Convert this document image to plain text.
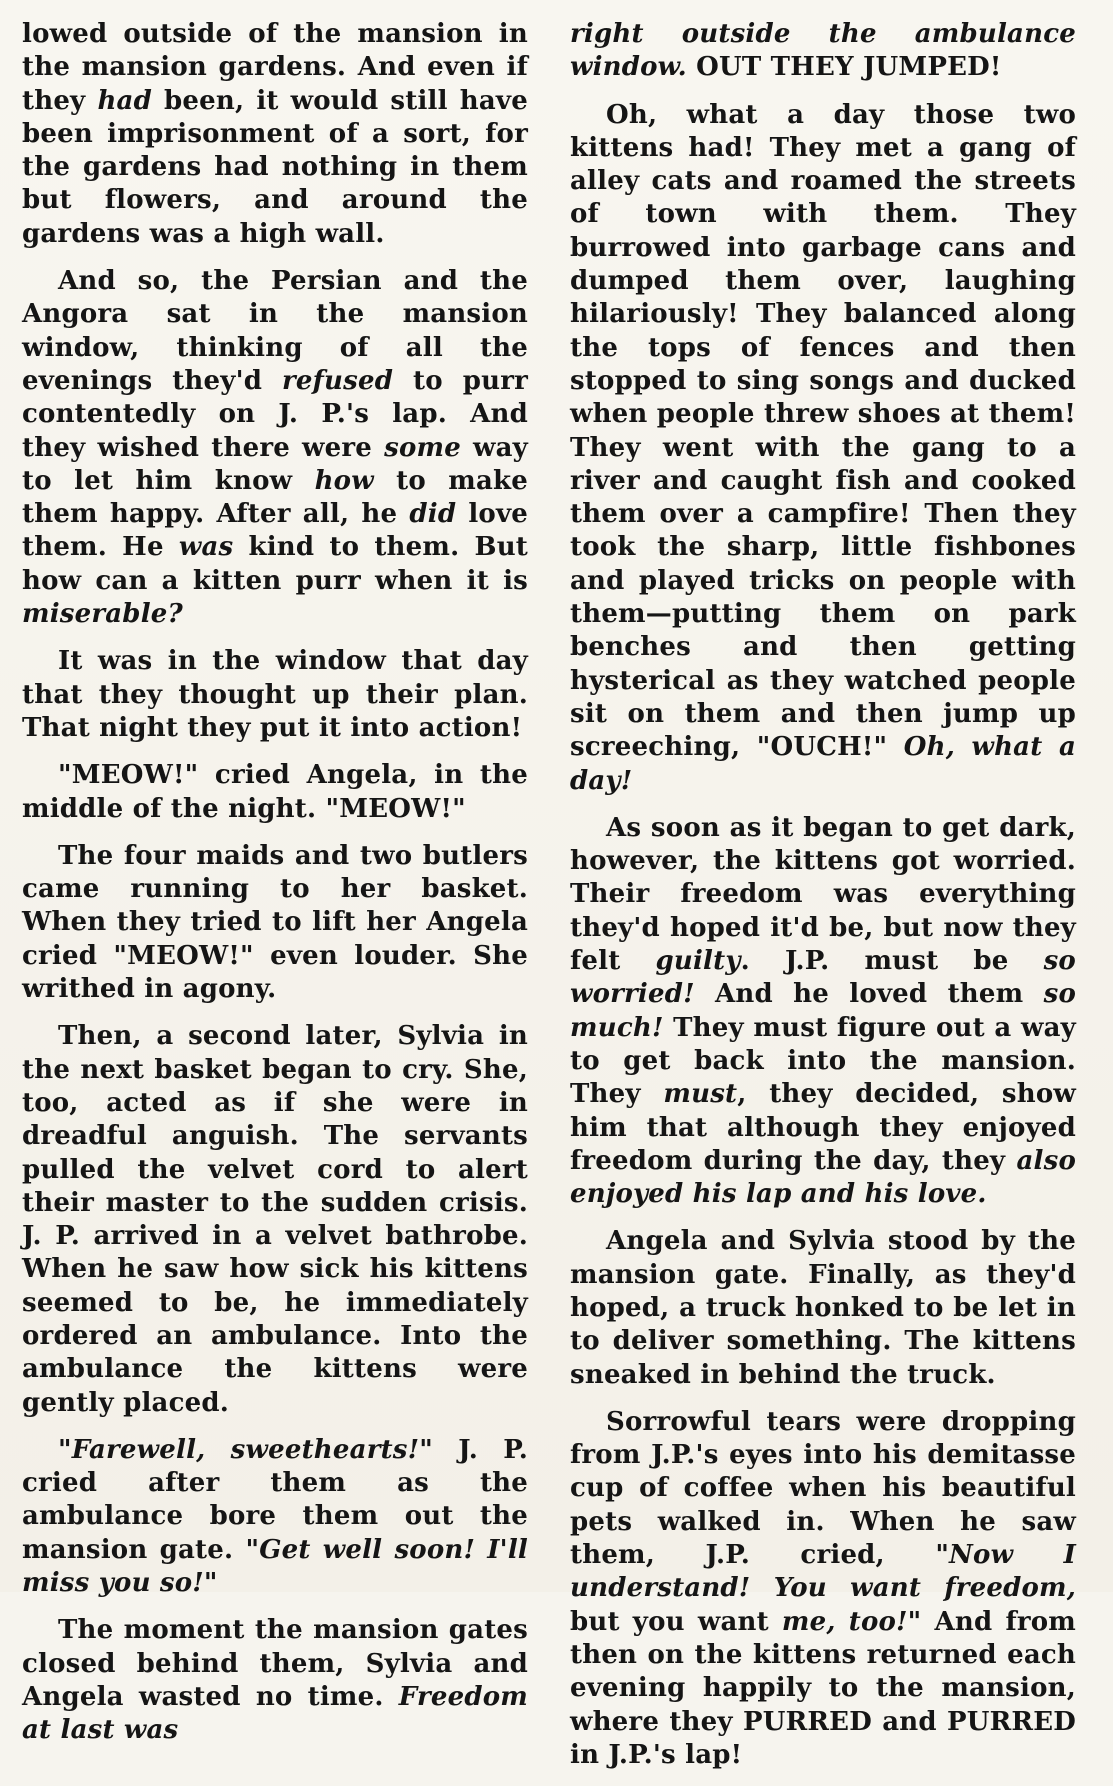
lowed outside of the mansion in the mansion gardens. And even if they had been, it would still have been imprisonment of a sort, for the gardens had nothing in them but flowers, and around the gardens was a high wall.

And so, the Persian and the Angora sat in the mansion window, thinking of all the evenings they'd refused to purr contentedly on J. P.'s lap. And they wished there were some way to let him know how to make them happy. After all, he did love them. He was kind to them. But how can a kitten purr when it is miserable?

It was in the window that day that they thought up their plan. That night they put it into action!

"MEOW!" cried Angela, in the middle of the night. "MEOW!"

The four maids and two butlers came running to her basket. When they tried to lift her Angela cried "MEOW!" even louder. She writhed in agony.

Then, a second later, Sylvia in the next basket began to cry. She, too, acted as if she were in dreadful anguish. The servants pulled the velvet cord to alert their master to the sudden crisis. J. P. arrived in a velvet bathrobe. When he saw how sick his kittens seemed to be, he immediately ordered an ambulance. Into the ambulance the kittens were gently placed.

"Farewell, sweethearts!" J. P. cried after them as the ambulance bore them out the mansion gate. "Get well soon! I'll miss you so!"

The moment the mansion gates closed behind them, Sylvia and Angela wasted no time. Freedom at last was

right outside the ambulance window. OUT THEY JUMPED!

Oh, what a day those two kittens had! They met a gang of alley cats and roamed the streets of town with them. They burrowed into garbage cans and dumped them over, laughing hilariously! They balanced along the tops of fences and then stopped to sing songs and ducked when people threw shoes at them! They went with the gang to a river and caught fish and cooked them over a campfire! Then they took the sharp, little fishbones and played tricks on people with them—putting them on park benches and then getting hysterical as they watched people sit on them and then jump up screeching, "OUCH!" Oh, what a day!

As soon as it began to get dark, however, the kittens got worried. Their freedom was everything they'd hoped it'd be, but now they felt guilty. J.P. must be so worried! And he loved them so much! They must figure out a way to get back into the mansion. They must, they decided, show him that although they enjoyed freedom during the day, they also enjoyed his lap and his love.

Angela and Sylvia stood by the mansion gate. Finally, as they'd hoped, a truck honked to be let in to deliver something. The kittens sneaked in behind the truck.

Sorrowful tears were dropping from J.P.'s eyes into his demitasse cup of coffee when his beautiful pets walked in. When he saw them, J.P. cried, "Now I understand! You want freedom, but you want me, too!" And from then on the kittens returned each evening happily to the mansion, where they PURRED and PURRED in J.P.'s lap!
